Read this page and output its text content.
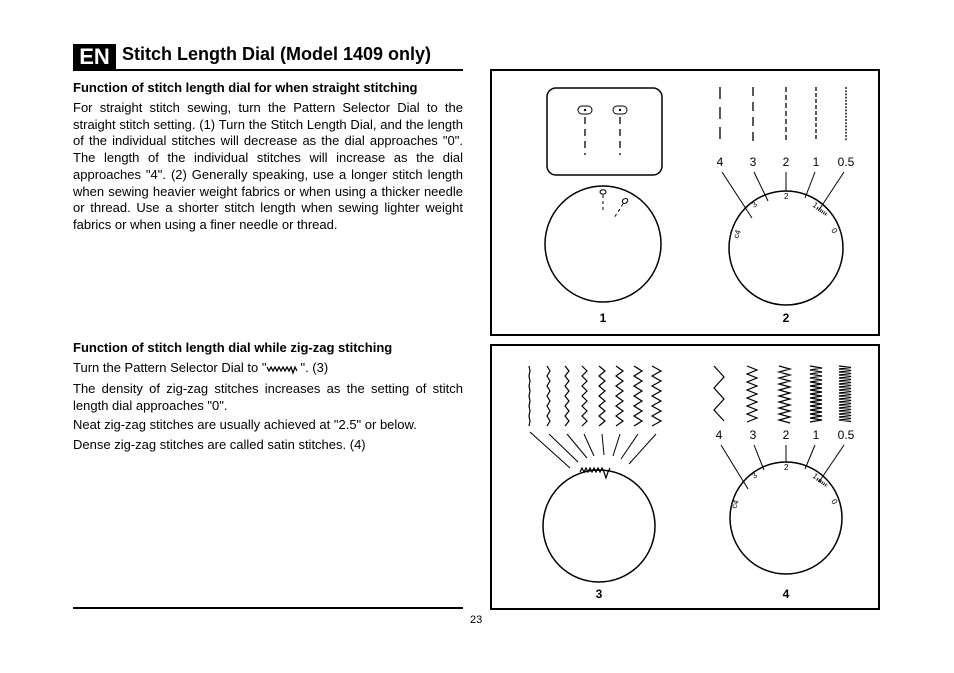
EN Stitch Length Dial (Model 1409 only)
Function of stitch length dial for when straight stitching

For straight stitch sewing, turn the Pattern Selector Dial to the straight stitch setting. (1) Turn the Stitch Length Dial, and the length of the individual stitches will decrease as the dial approaches "0". The length of the individual stitches will increase as the dial approaches "4". (2) Generally speaking, use a longer stitch length when sewing heavier weight fabrics or when using a thicker needle or thread. Use a shorter stitch length when sewing lighter weight fabrics or when using a finer needle or thread.

Function of stitch length dial while zig-zag stitching

Turn the Pattern Selector Dial to "	". (3)

The density of zig-zag stitches increases as the setting of stitch length dial approaches "0".

Neat zig-zag stitches are usually achieved at "2.5" or below.

Dense zig-zag stitches are called satin stitches. (4)

1
4 3 2 1 0.5
c4
3
2
1
0
2
3
4 3 2 1 0.5
c4
3
2
1
0
4
23
